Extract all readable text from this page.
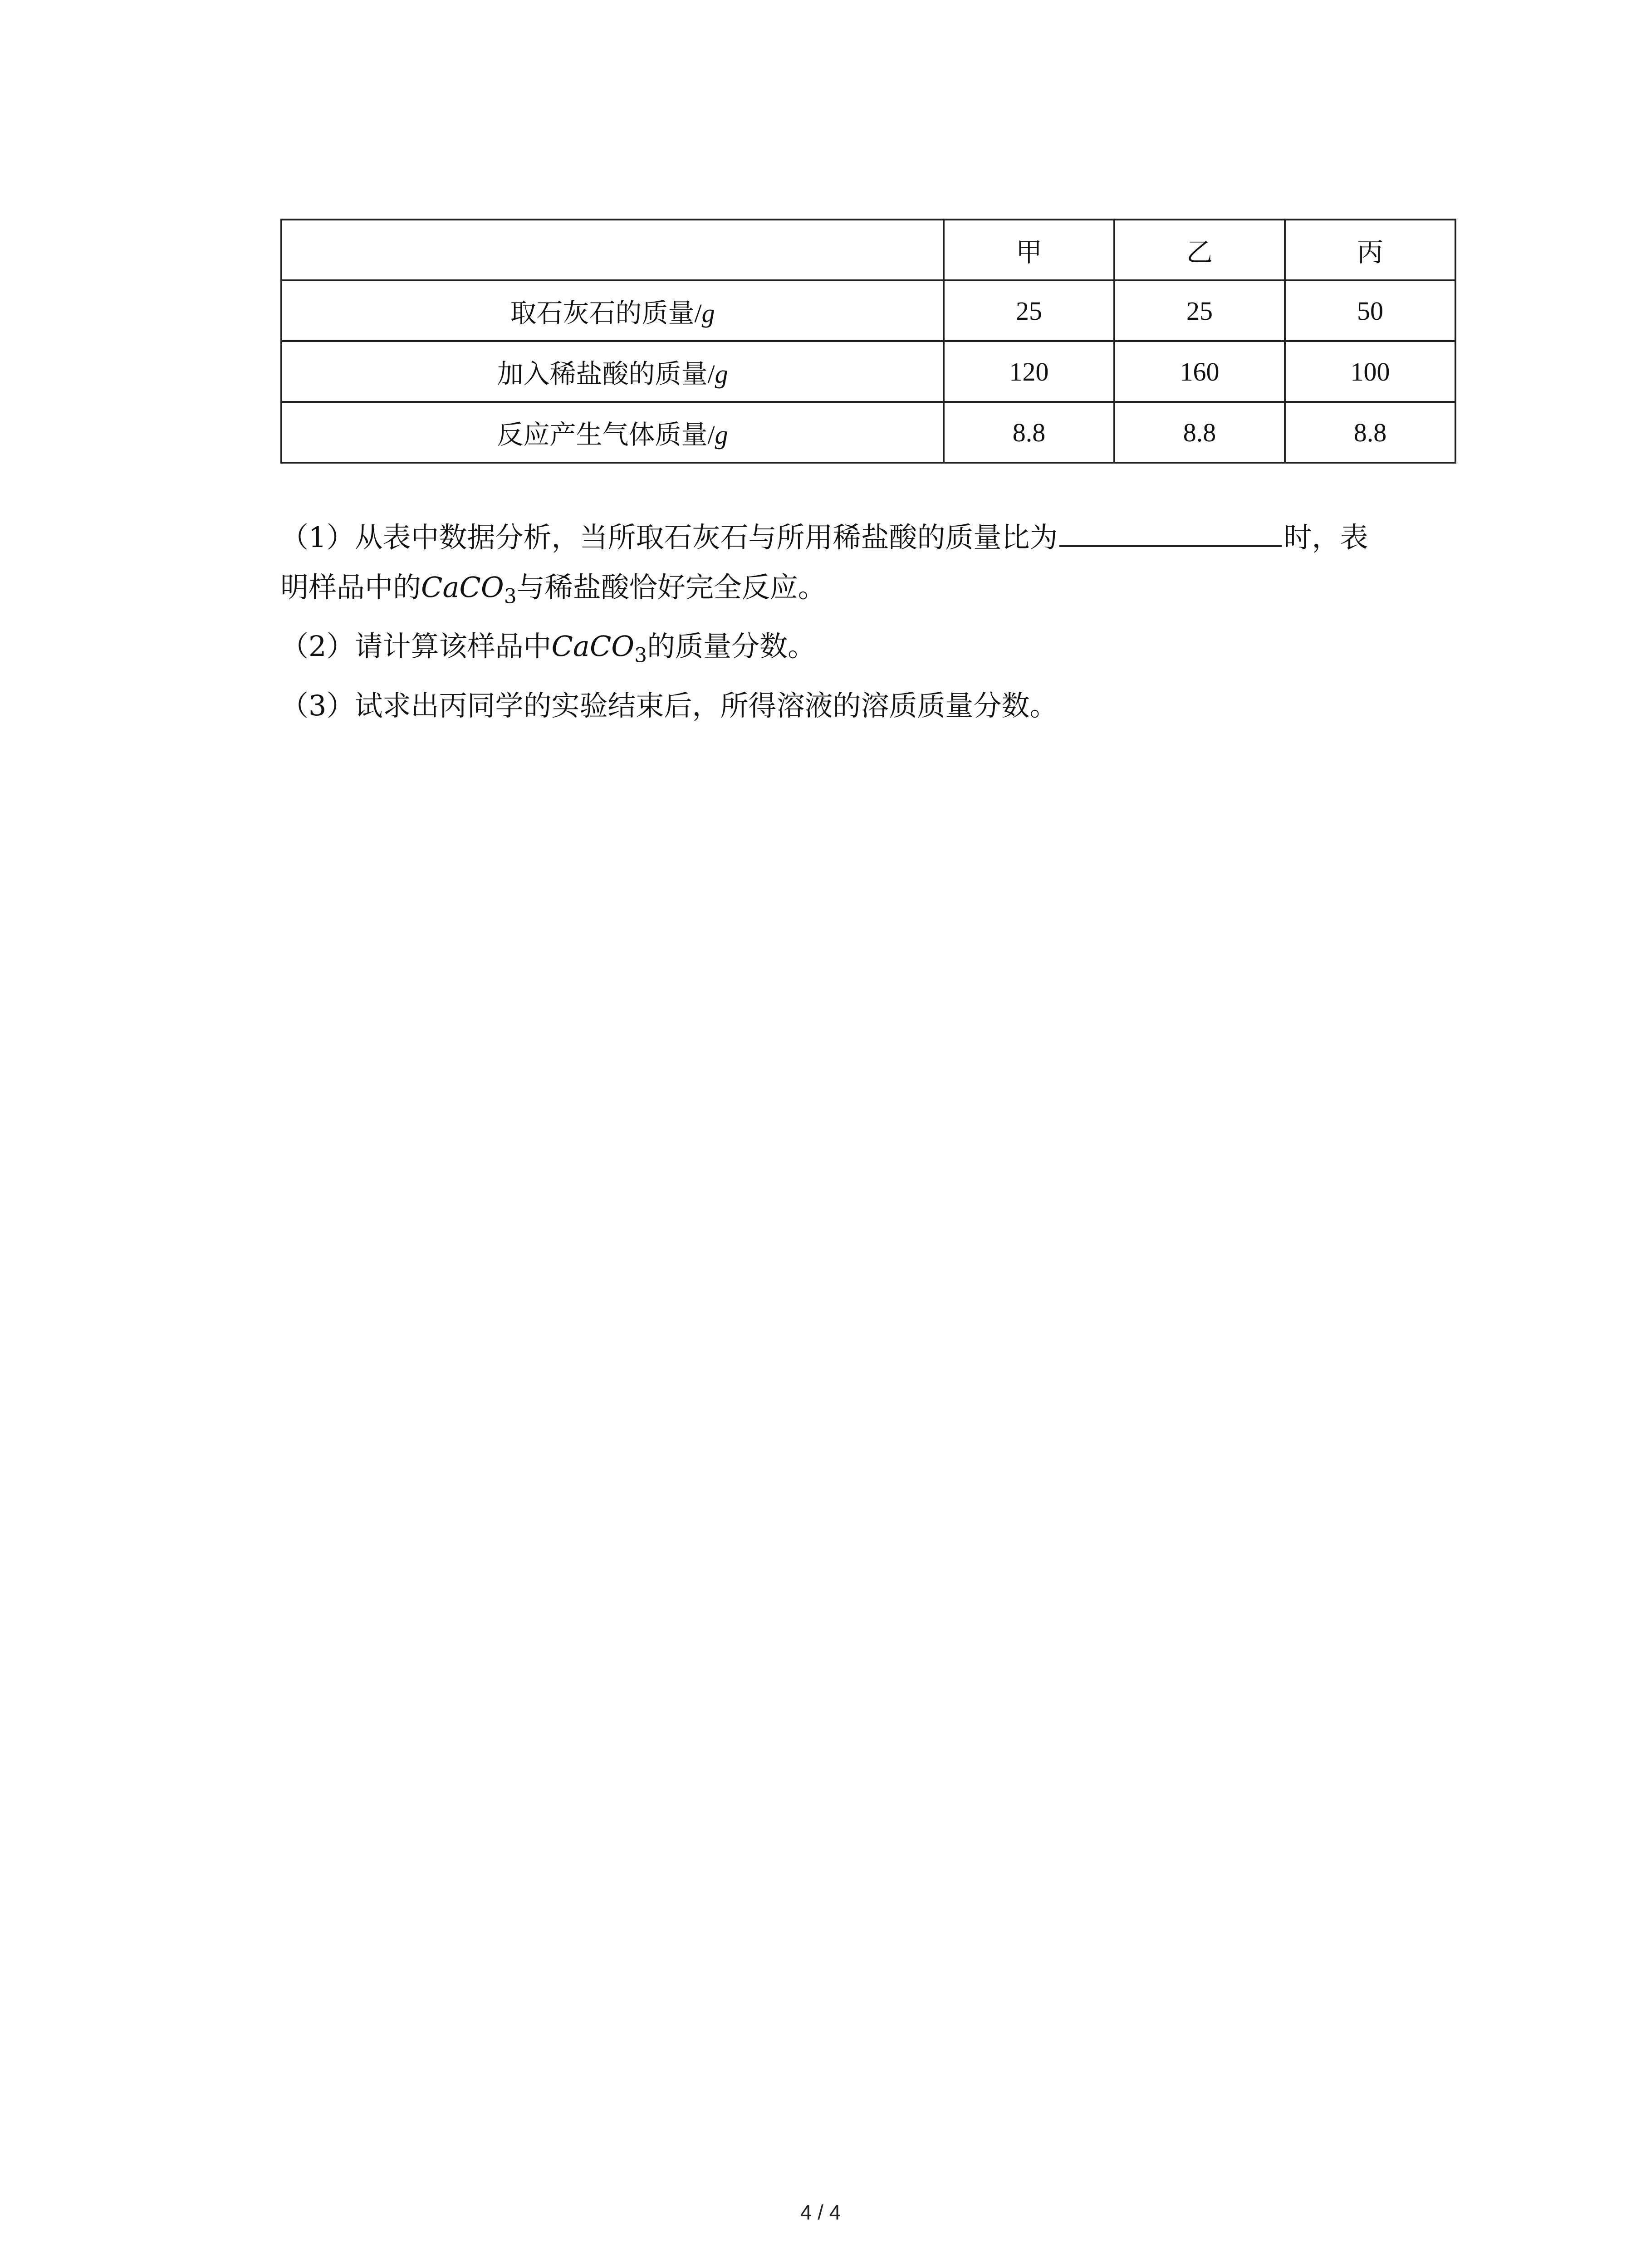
	甲	乙	丙
取石灰石的质量/g	25	25	50
加入稀盐酸的质量/g	120	160	100
反应产生气体质量/g	8.8	8.8	8.8
（1）从表中数据分析，当所取石灰石与所用稀盐酸的质量比为	时，表
明样品中的CaCO$_3$与稀盐酸恰好完全反应。
（2）请计算该样品中CaCO$_3$的质量分数。
（3）试求出丙同学的实验结束后，所得溶液的溶质质量分数。
4 / 4
